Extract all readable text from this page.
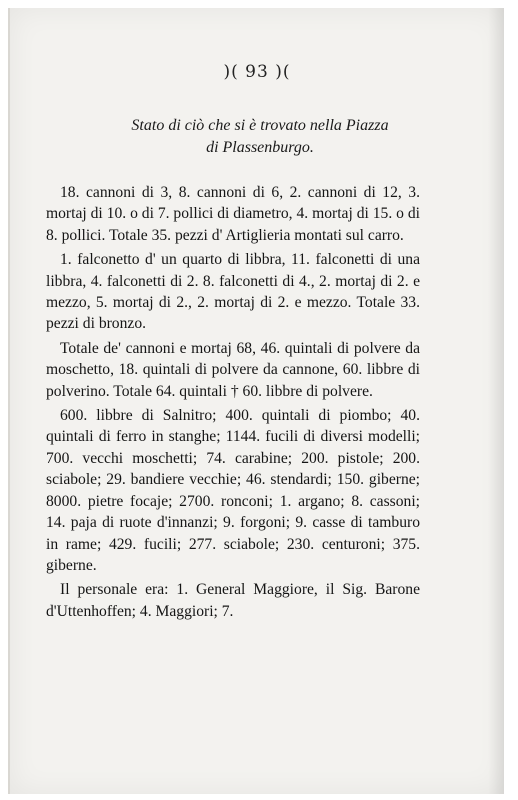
)( 93 )(
Stato di ciò che si è trovato nella Piazza
di Plassenburgo.

18. cannoni di 3, 8. cannoni di 6, 2. cannoni di 12, 3. mortaj di 10. o di 7. pollici di diametro, 4. mortaj di 15. o di 8. pollici. Totale 35. pezzi d' Artiglieria montati sul carro.

1. falconetto d' un quarto di libbra, 11. falconetti di una libbra, 4. falconetti di 2. 8. falconetti di 4., 2. mortaj di 2. e mezzo, 5. mortaj di 2., 2. mortaj di 2. e mezzo. Totale 33. pezzi di bronzo.

Totale de' cannoni e mortaj 68, 46. quintali di polvere da moschetto, 18. quintali di polvere da cannone, 60. libbre di polverino. Totale 64. quintali † 60. libbre di polvere.

600. libbre di Salnitro; 400. quintali di piombo; 40. quintali di ferro in stanghe; 1144. fucili di diversi modelli; 700. vecchi moschetti; 74. carabine; 200. pistole; 200. sciabole; 29. bandiere vecchie; 46. stendardi; 150. giberne; 8000. pietre focaje; 2700. ronconi; 1. argano; 8. cassoni; 14. paja di ruote d'innanzi; 9. forgoni; 9. casse di tamburo in rame; 429. fucili; 277. sciabole; 230. centuroni; 375. giberne.

Il personale era: 1. General Maggiore, il Sig. Barone d'Uttenhoffen; 4. Maggiori; 7.
